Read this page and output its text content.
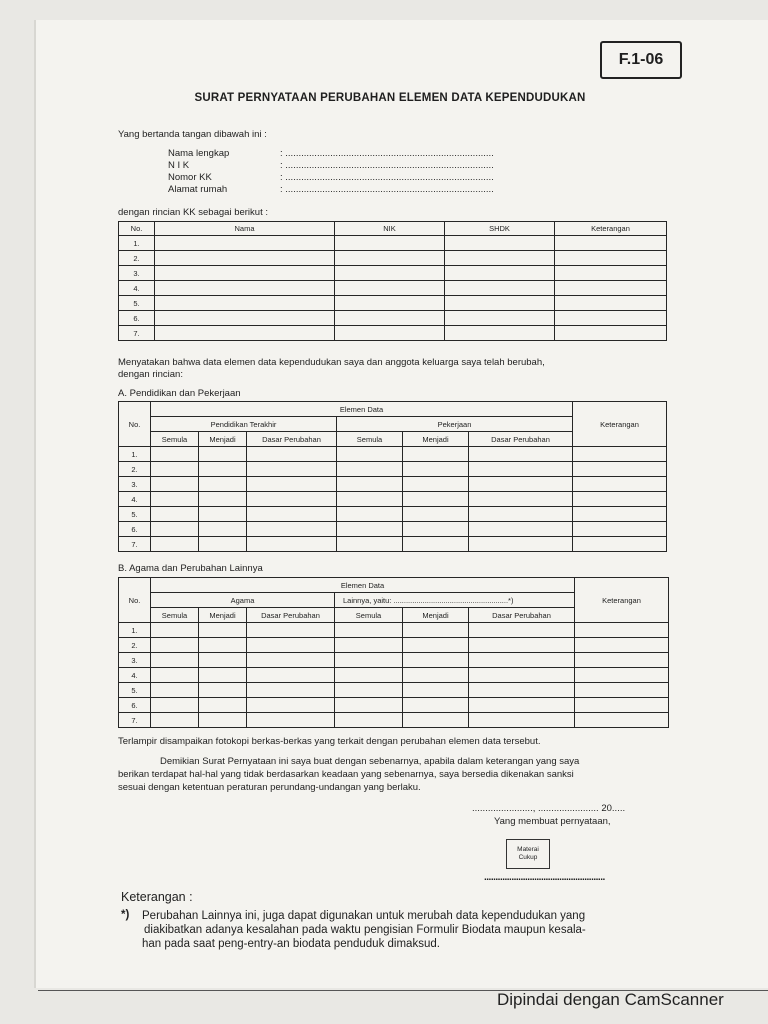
F.1-06
SURAT PERNYATAAN PERUBAHAN ELEMEN DATA KEPENDUDUKAN
Yang bertanda tangan dibawah ini :
Nama lengkap	: ...............................................................................
N I K	: ...............................................................................
Nomor KK	: ...............................................................................
Alamat rumah	: ...............................................................................
dengan rincian KK sebagai berikut :
No.	Nama	NIK	SHDK	Keterangan
1.				
2.				
3.				
4.				
5.				
6.				
7.				
Menyatakan bahwa data elemen data kependudukan saya dan anggota keluarga saya telah berubah,
dengan rincian:
A. Pendidikan dan Pekerjaan
No.	Elemen Data						Keterangan
	Pendidikan Terakhir			Pekerjaan			
	Semula	Menjadi	Dasar Perubahan	Semula	Menjadi	Dasar Perubahan	
1.							
2.							
3.							
4.							
5.							
6.							
7.							
B. Agama dan Perubahan Lainnya
No.	Elemen Data						Keterangan
	Agama			Lainnya, yaitu: .......................................................*)			
	Semula	Menjadi	Dasar Perubahan	Semula	Menjadi	Dasar Perubahan	
1.							
2.							
3.							
4.							
5.							
6.							
7.							
Terlampir disampaikan fotokopi berkas-berkas yang terkait dengan perubahan elemen data tersebut.
Demikian Surat Pernyataan ini saya buat dengan sebenarnya, apabila dalam keterangan yang saya
berikan terdapat hal-hal yang tidak berdasarkan keadaan yang sebenarnya, saya bersedia dikenakan sanksi
sesuai dengan ketentuan peraturan perundang-undangan yang berlaku.
......................., ....................... 20.....
Yang membuat pernyataan,
Materai
Cukup
.....................................................
Keterangan :
*) Perubahan Lainnya ini, juga dapat digunakan untuk merubah data kependudukan yang
diakibatkan adanya kesalahan pada waktu pengisian Formulir Biodata maupun kesala-
han pada saat peng-entry-an biodata penduduk dimaksud.
Dipindai dengan CamScanner
